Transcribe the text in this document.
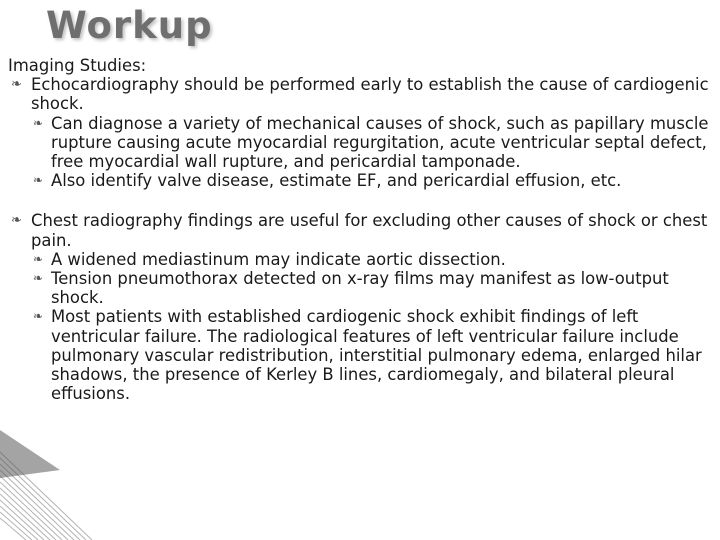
Workup

Imaging Studies:

❧ Echocardiography should be performed early to establish the cause of cardiogenic shock.
❧ Can diagnose a variety of mechanical causes of shock, such as papillary muscle rupture causing acute myocardial regurgitation, acute ventricular septal defect, free myocardial wall rupture, and pericardial tamponade.
❧ Also identify valve disease, estimate EF, and pericardial effusion, etc.
❧ Chest radiography findings are useful for excluding other causes of shock or chest pain.
❧ A widened mediastinum may indicate aortic dissection.
❧ Tension pneumothorax detected on x-ray films may manifest as low-output shock.
❧ Most patients with established cardiogenic shock exhibit findings of left ventricular failure. The radiological features of left ventricular failure include pulmonary vascular redistribution, interstitial pulmonary edema, enlarged hilar shadows, the presence of Kerley B lines, cardiomegaly, and bilateral pleural effusions.
